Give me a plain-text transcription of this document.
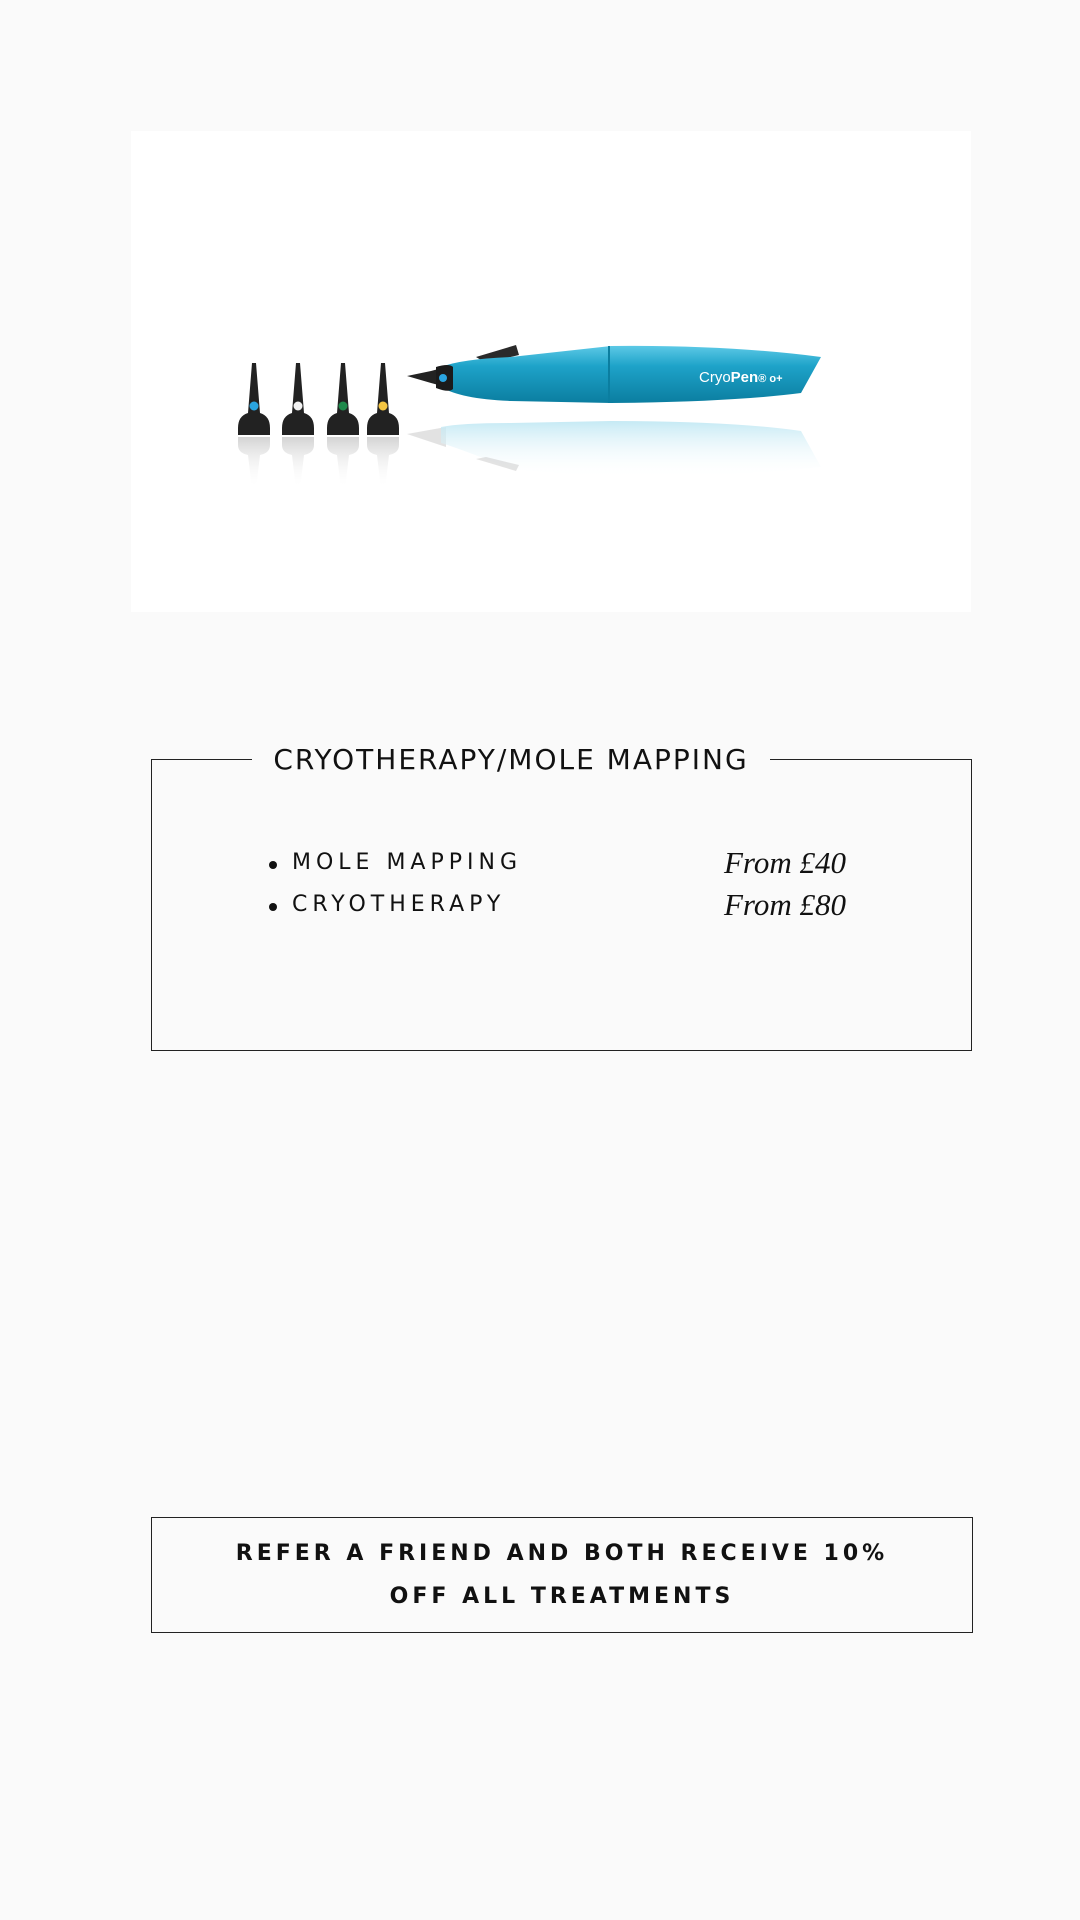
CryoPen® o+
CRYOTHERAPY/MOLE MAPPING
MOLE MAPPING	From £40
CRYOTHERAPY	From £80
REFER A FRIEND AND BOTH RECEIVE 10%
OFF ALL TREATMENTS
